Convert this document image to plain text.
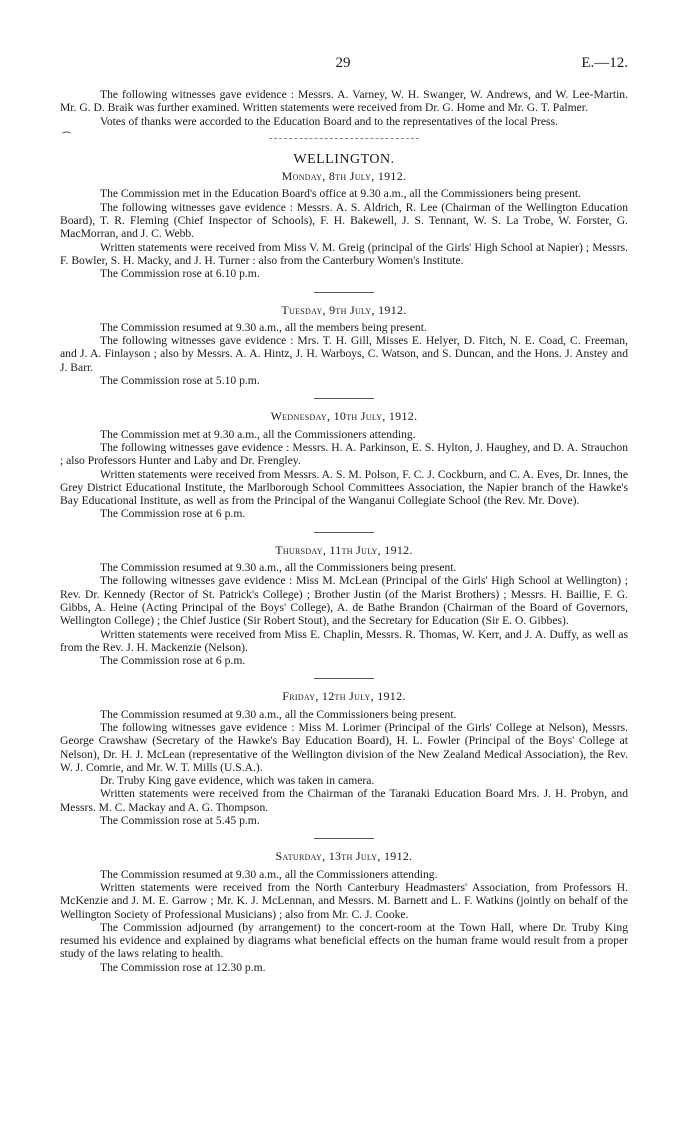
29	E.—12.
⁀

The following witnesses gave evidence : Messrs. A. Varney, W. H. Swanger, W. Andrews, and W. Lee-Martin. Mr. G. D. Braik was further examined. Written statements were received from Dr. G. Home and Mr. G. T. Palmer.

Votes of thanks were accorded to the Education Board and to the representatives of the local Press.

WELLINGTON.
Monday, 8th July, 1912.

The Commission met in the Education Board's office at 9.30 a.m., all the Commissioners being present.

The following witnesses gave evidence : Messrs. A. S. Aldrich, R. Lee (Chairman of the Wellington Education Board), T. R. Fleming (Chief Inspector of Schools), F. H. Bakewell, J. S. Tennant, W. S. La Trobe, W. Forster, G. MacMorran, and J. C. Webb.

Written statements were received from Miss V. M. Greig (principal of the Girls' High School at Napier) ; Messrs. F. Bowler, S. H. Macky, and J. H. Turner : also from the Canterbury Women's Institute.

The Commission rose at 6.10 p.m.

Tuesday, 9th July, 1912.

The Commission resumed at 9.30 a.m., all the members being present.

The following witnesses gave evidence : Mrs. T. H. Gill, Misses E. Helyer, D. Fitch, N. E. Coad, C. Freeman, and J. A. Finlayson ; also by Messrs. A. A. Hintz, J. H. Warboys, C. Watson, and S. Duncan, and the Hons. J. Anstey and J. Barr.

The Commission rose at 5.10 p.m.

Wednesday, 10th July, 1912.

The Commission met at 9.30 a.m., all the Commissioners attending.

The following witnesses gave evidence : Messrs. H. A. Parkinson, E. S. Hylton, J. Haughey, and D. A. Strauchon ; also Professors Hunter and Laby and Dr. Frengley.

Written statements were received from Messrs. A. S. M. Polson, F. C. J. Cockburn, and C. A. Eves, Dr. Innes, the Grey District Educational Institute, the Marlborough School Committees Association, the Napier branch of the Hawke's Bay Educational Institute, as well as from the Principal of the Wanganui Collegiate School (the Rev. Mr. Dove).

The Commission rose at 6 p.m.

Thursday, 11th July, 1912.

The Commission resumed at 9.30 a.m., all the Commissioners being present.

The following witnesses gave evidence : Miss M. McLean (Principal of the Girls' High School at Wellington) ; Rev. Dr. Kennedy (Rector of St. Patrick's College) ; Brother Justin (of the Marist Brothers) ; Messrs. H. Baillie, F. G. Gibbs, A. Heine (Acting Principal of the Boys' College), A. de Bathe Brandon (Chairman of the Board of Governors, Wellington College) ; the Chief Justice (Sir Robert Stout), and the Secretary for Education (Sir E. O. Gibbes).

Written statements were received from Miss E. Chaplin, Messrs. R. Thomas, W. Kerr, and J. A. Duffy, as well as from the Rev. J. H. Mackenzie (Nelson).

The Commission rose at 6 p.m.

Friday, 12th July, 1912.

The Commission resumed at 9.30 a.m., all the Commissioners being present.

The following witnesses gave evidence : Miss M. Lorimer (Principal of the Girls' College at Nelson), Messrs. George Crawshaw (Secretary of the Hawke's Bay Education Board), H. L. Fowler (Principal of the Boys' College at Nelson), Dr. H. J. McLean (representative of the Wellington division of the New Zealand Medical Association), the Rev. W. J. Comrie, and Mr. W. T. Mills (U.S.A.).

Dr. Truby King gave evidence, which was taken in camera.

Written statements were received from the Chairman of the Taranaki Education Board Mrs. J. H. Probyn, and Messrs. M. C. Mackay and A. G. Thompson.

The Commission rose at 5.45 p.m.

Saturday, 13th July, 1912.

The Commission resumed at 9.30 a.m., all the Commissioners attending.

Written statements were received from the North Canterbury Headmasters' Association, from Professors H. McKenzie and J. M. E. Garrow ; Mr. K. J. McLennan, and Messrs. M. Barnett and L. F. Watkins (jointly on behalf of the Wellington Society of Professional Musicians) ; also from Mr. C. J. Cooke.

The Commission adjourned (by arrangement) to the concert-room at the Town Hall, where Dr. Truby King resumed his evidence and explained by diagrams what beneficial effects on the human frame would result from a proper study of the laws relating to health.

The Commission rose at 12.30 p.m.
